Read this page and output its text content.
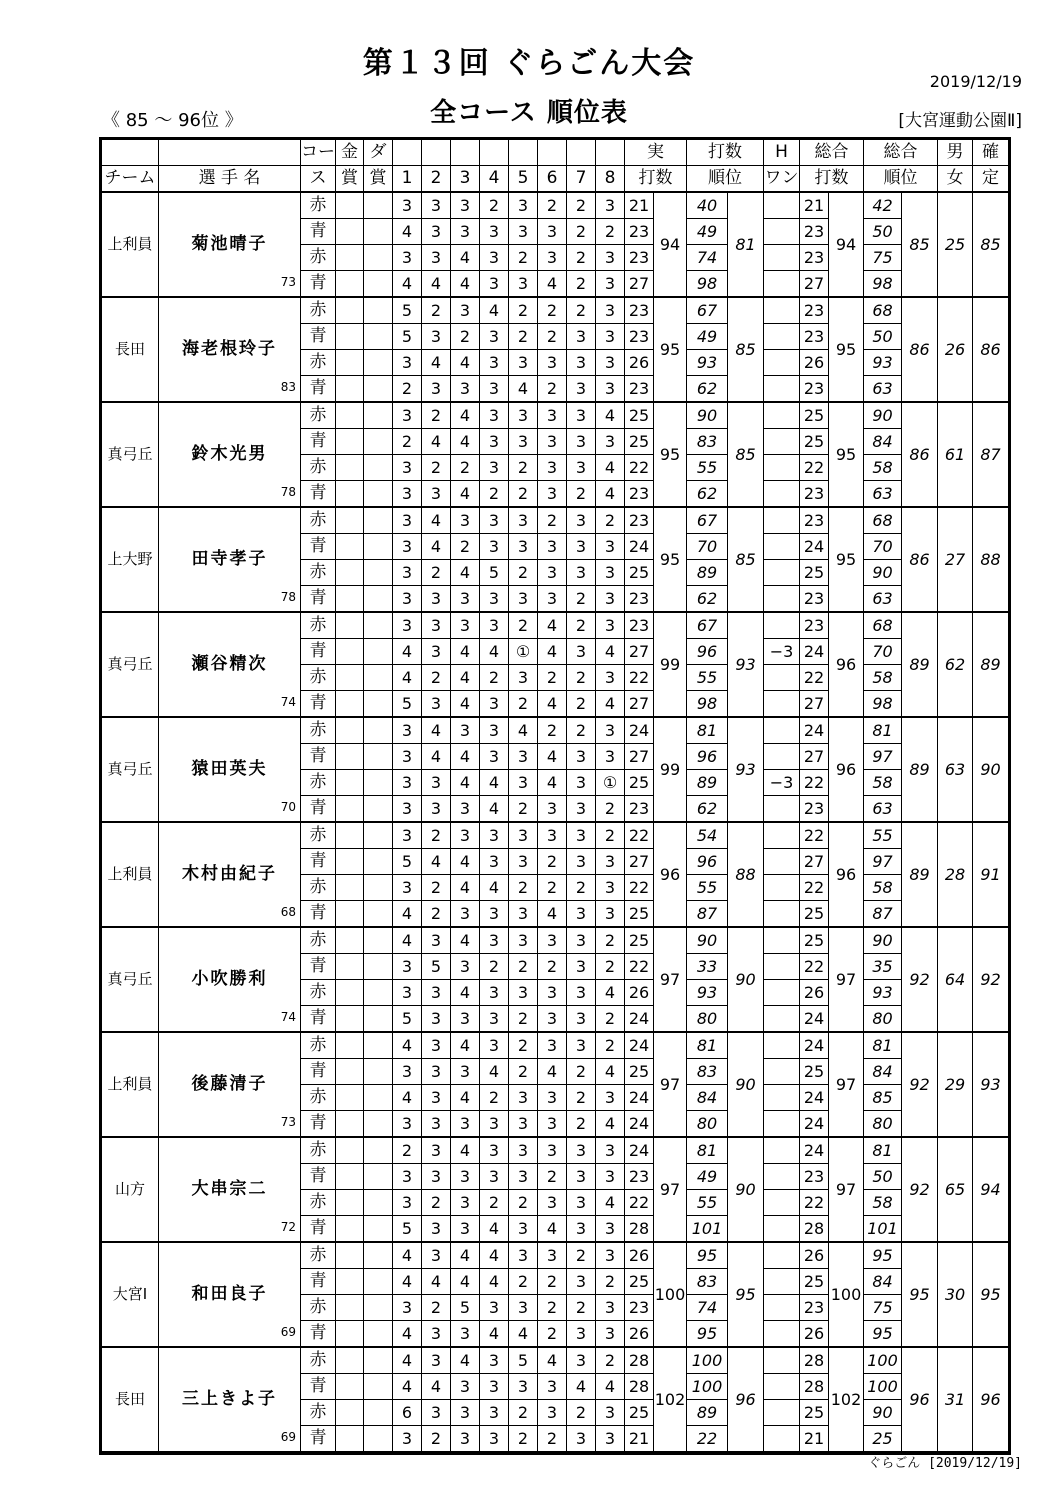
第１３回 ぐらごん大会
2019/12/19
《 85 ～ 96位 》	全コース 順位表	[大宮運動公園Ⅱ]
		コー	金	ダ									実		打数		H	総合		総合		男	確
チーム	選 手 名	ス	賞	賞	1	2	3	4	5	6	7	8	打数		順位		ワン	打数		順位		女	定
上利員	菊池晴子
73	赤			3	3	3	2	3	2	2	3	21	94	40	81		21	94	42	85	25	85
		青			4	3	3	3	3	3	2	2	23		49			23		50			
		赤			3	3	4	3	2	3	2	3	23		74			23		75			
		青			4	4	4	3	3	4	2	3	27		98			27		98			
長田	海老根玲子
83	赤			5	2	3	4	2	2	2	3	23	95	67	85		23	95	68	86	26	86
		青			5	3	2	3	2	2	3	3	23		49			23		50			
		赤			3	4	4	3	3	3	3	3	26		93			26		93			
		青			2	3	3	3	4	2	3	3	23		62			23		63			
真弓丘	鈴木光男
78	赤			3	2	4	3	3	3	3	4	25	95	90	85		25	95	90	86	61	87
		青			2	4	4	3	3	3	3	3	25		83			25		84			
		赤			3	2	2	3	2	3	3	4	22		55			22		58			
		青			3	3	4	2	2	3	2	4	23		62			23		63			
上大野	田寺孝子
78	赤			3	4	3	3	3	2	3	2	23	95	67	85		23	95	68	86	27	88
		青			3	4	2	3	3	3	3	3	24		70			24		70			
		赤			3	2	4	5	2	3	3	3	25		89			25		90			
		青			3	3	3	3	3	3	2	3	23		62			23		63			
真弓丘	瀬谷精次
74	赤			3	3	3	3	2	4	2	3	23	99	67	93		23	96	68	89	62	89
		青			4	3	4	4	①	4	3	4	27		96		−3	24		70			
		赤			4	2	4	2	3	2	2	3	22		55			22		58			
		青			5	3	4	3	2	4	2	4	27		98			27		98			
真弓丘	猿田英夫
70	赤			3	4	3	3	4	2	2	3	24	99	81	93		24	96	81	89	63	90
		青			3	4	4	3	3	4	3	3	27		96			27		97			
		赤			3	3	4	4	3	4	3	①	25		89		−3	22		58			
		青			3	3	3	4	2	3	3	2	23		62			23		63			
上利員	木村由紀子
68	赤			3	2	3	3	3	3	3	2	22	96	54	88		22	96	55	89	28	91
		青			5	4	4	3	3	2	3	3	27		96			27		97			
		赤			3	2	4	4	2	2	2	3	22		55			22		58			
		青			4	2	3	3	3	4	3	3	25		87			25		87			
真弓丘	小吹勝利
74	赤			4	3	4	3	3	3	3	2	25	97	90	90		25	97	90	92	64	92
		青			3	5	3	2	2	2	3	2	22		33			22		35			
		赤			3	3	4	3	3	3	3	4	26		93			26		93			
		青			5	3	3	3	2	3	3	2	24		80			24		80			
上利員	後藤清子
73	赤			4	3	4	3	2	3	3	2	24	97	81	90		24	97	81	92	29	93
		青			3	3	3	4	2	4	2	4	25		83			25		84			
		赤			4	3	4	2	3	3	2	3	24		84			24		85			
		青			3	3	3	3	3	3	2	4	24		80			24		80			
山方	大串宗二
72	赤			2	3	4	3	3	3	3	3	24	97	81	90		24	97	81	92	65	94
		青			3	3	3	3	3	2	3	3	23		49			23		50			
		赤			3	2	3	2	2	3	3	4	22		55			22		58			
		青			5	3	3	4	3	4	3	3	28		101			28		101			
大宮Ⅰ	和田良子
69	赤			4	3	4	4	3	3	2	3	26	100	95	95		26	100	95	95	30	95
		青			4	4	4	4	2	2	3	2	25		83			25		84			
		赤			3	2	5	3	3	2	2	3	23		74			23		75			
		青			4	3	3	4	4	2	3	3	26		95			26		95			
長田	三上きよ子
69	赤			4	3	4	3	5	4	3	2	28	102	100	96		28	102	100	96	31	96
		青			4	4	3	3	3	3	4	4	28		100			28		100			
		赤			6	3	3	3	2	3	2	3	25		89			25		90			
		青			3	2	3	3	2	2	3	3	21		22			21		25			
ぐらごん [2019/12/19]
